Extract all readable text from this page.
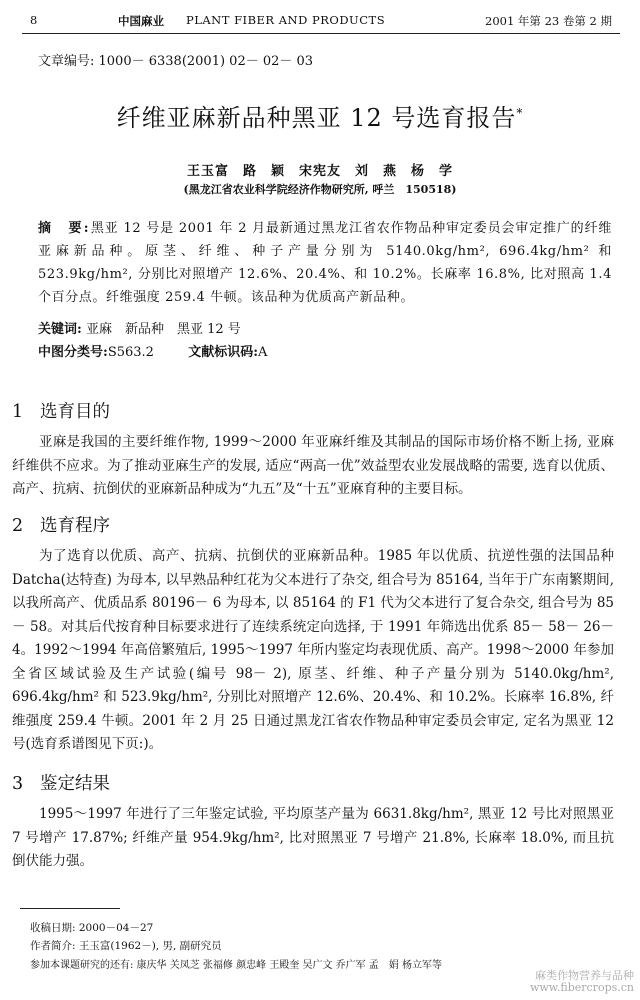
8	中国麻业 PLANT FIBER AND PRODUCTS	2001 年第 23 卷第 2 期
文章编号: 1000－ 6338(2001) 02－ 02－ 03
纤维亚麻新品种黑亚 12 号选育报告*
王玉富　路　颖　宋宪友　刘　燕　杨　学
(黑龙江省农业科学院经济作物研究所, 呼兰　150518)
摘　要:黑亚 12 号是 2001 年 2 月最新通过黑龙江省农作物品种审定委员会审定推广的纤维亚麻新品种。原茎、纤维、种子产量分别为 5140.0kg/hm², 696.4kg/hm² 和 523.9kg/hm², 分别比对照增产 12.6%、20.4%、和 10.2%。长麻率 16.8%, 比对照高 1.4 个百分点。纤维强度 259.4 牛顿。该品种为优质高产新品种。
关键词: 亚麻　新品种　黑亚 12 号
中图分类号:S563.2	文献标识码:A
1 选育目的

亚麻是我国的主要纤维作物, 1999～2000 年亚麻纤维及其制品的国际市场价格不断上扬, 亚麻纤维供不应求。为了推动亚麻生产的发展, 适应“两高一优”效益型农业发展战略的需要, 选育以优质、高产、抗病、抗倒伏的亚麻新品种成为“九五”及“十五”亚麻育种的主要目标。

2 选育程序

为了选育以优质、高产、抗病、抗倒伏的亚麻新品种。1985 年以优质、抗逆性强的法国品种 Datcha(达特查) 为母本, 以早熟品种红花为父本进行了杂交, 组合号为 85164, 当年于广东南繁期间, 以我所高产、优质品系 80196－ 6 为母本, 以 85164 的 F1 代为父本进行了复合杂交, 组合号为 85－ 58。对其后代按育种目标要求进行了连续系统定向选择, 于 1991 年筛选出优系 85－ 58－ 26－ 4。1992～1994 年高倍繁殖后, 1995～1997 年所内鉴定均表现优质、高产。1998～2000 年参加全省区域试验及生产试验(编号 98－ 2), 原茎、纤维、种子产量分别为 5140.0kg/hm², 696.4kg/hm² 和 523.9kg/hm², 分别比对照增产 12.6%、20.4%、和 10.2%。长麻率 16.8%, 纤维强度 259.4 牛顿。2001 年 2 月 25 日通过黑龙江省农作物品种审定委员会审定, 定名为黑亚 12 号(选育系谱图见下页:)。

3 鉴定结果

1995～1997 年进行了三年鉴定试验, 平均原茎产量为 6631.8kg/hm², 黑亚 12 号比对照黑亚 7 号增产 17.87%; 纤维产量 954.9kg/hm², 比对照黑亚 7 号增产 21.8%, 长麻率 18.0%, 而且抗倒伏能力强。

收稿日期: 2000－04－27
作者简介: 王玉富(1962－), 男, 副研究员
参加本课题研究的还有: 康庆华 关凤芝 张福修 颜忠峰 王殿奎 吴广文 乔广军 孟　娟 杨立军等
麻类作物营养与品种
www.fibercrops.cn
